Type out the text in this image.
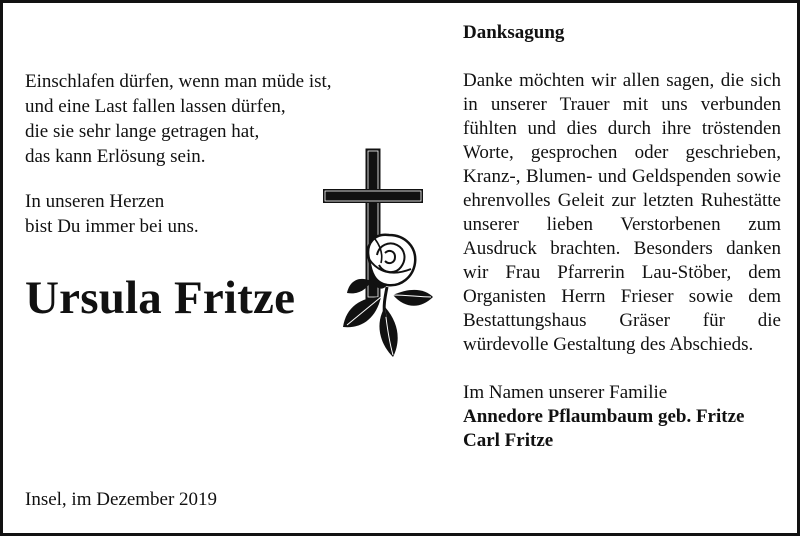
Einschlafen dürfen, wenn man müde ist,

und eine Last fallen lassen dürfen,

die sie sehr lange getragen hat,

das kann Erlösung sein.

In unseren Herzen

bist Du immer bei uns.

Ursula Fritze
Insel, im Dezember 2019

Danksagung

Danke möchten wir allen sagen, die sich in unserer Trauer mit uns verbunden fühlten und dies durch ihre tröstenden Worte, gesprochen oder geschrieben, Kranz-, Blumen- und Geldspenden sowie ehrenvolles Geleit zur letzten Ruhestätte unserer lieben Verstorbenen zum Ausdruck brachten. Besonders danken wir Frau Pfarrerin Lau-Stöber, dem Organisten Herrn Frieser sowie dem Bestattungshaus Gräser für die würdevolle Gestaltung des Abschieds.

Im Namen unserer Familie

Annedore Pflaumbaum geb. Fritze

Carl Fritze
